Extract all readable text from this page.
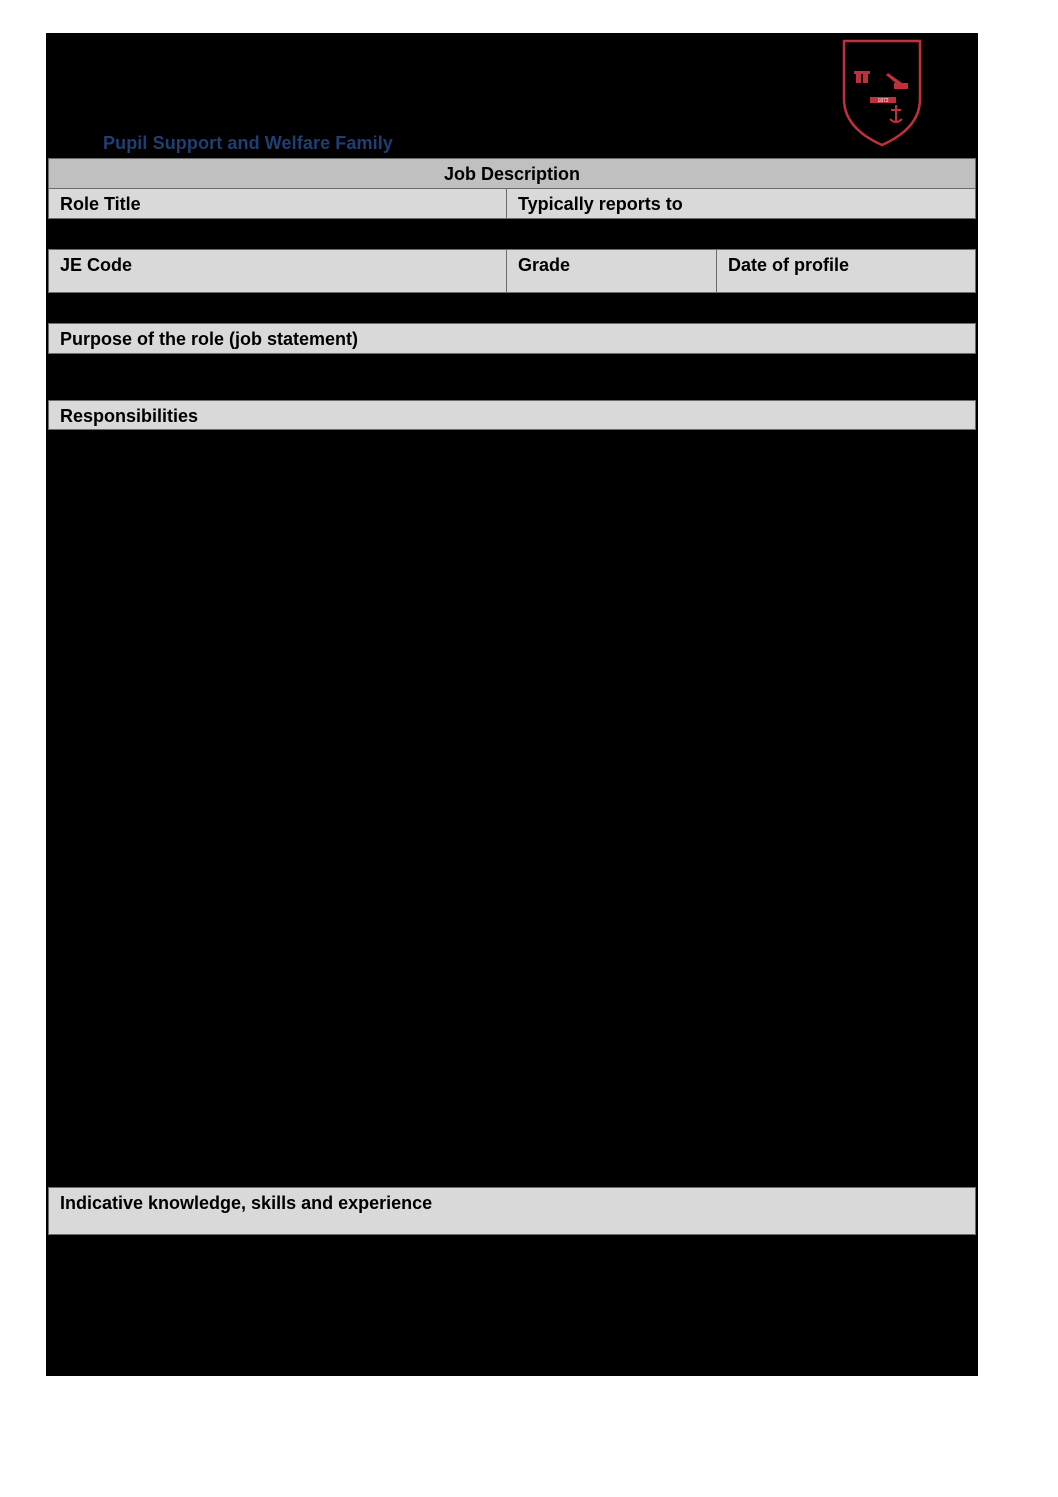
Pupil Support and Welfare Family
1872
Job Description
Role Title	Typically reports to
JE Code	Grade	Date of profile
Purpose of the role (job statement)
Responsibilities
Indicative knowledge, skills and experience
